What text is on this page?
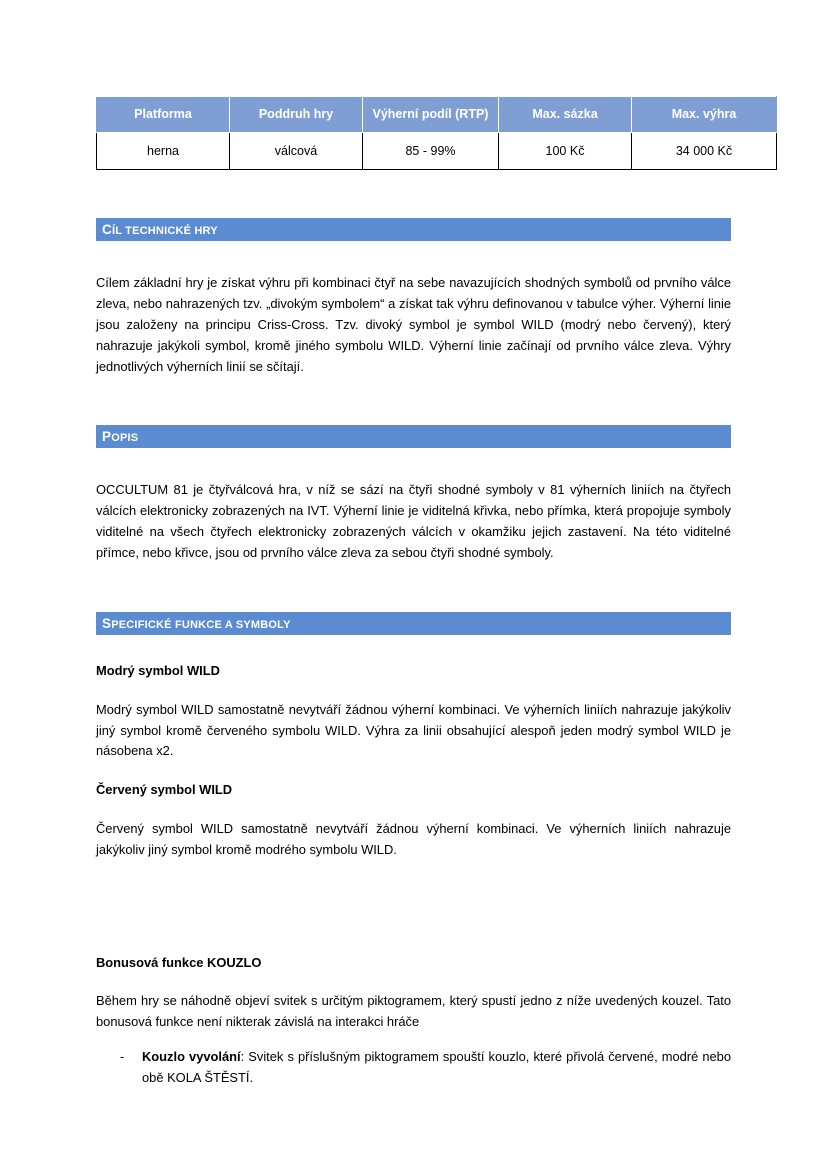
Platforma	Poddruh hry	Výherní podíl (RTP)	Max. sázka	Max. výhra
herna	válcová	85 - 99%	100 Kč	34 000 Kč
CÍL TECHNICKÉ HRY

Cílem základní hry je získat výhru při kombinaci čtyř na sebe navazujících shodných symbolů od prvního válce zleva, nebo nahrazených tzv. „divokým symbolem“ a získat tak výhru definovanou v tabulce výher. Výherní linie jsou založeny na principu Criss-Cross. Tzv. divoký symbol je symbol WILD (modrý nebo červený), který nahrazuje jakýkoli symbol, kromě jiného symbolu WILD. Výherní linie začínají od prvního válce zleva. Výhry jednotlivých výherních linií se sčítají.

POPIS

OCCULTUM 81 je čtyřválcová hra, v níž se sází na čtyři shodné symboly v 81 výherních liniích na čtyřech válcích elektronicky zobrazených na IVT. Výherní linie je viditelná křivka, nebo přímka, která propojuje symboly viditelné na všech čtyřech elektronicky zobrazených válcích v okamžiku jejich zastavení. Na této viditelné přímce, nebo křivce, jsou od prvního válce zleva za sebou čtyři shodné symboly.

SPECIFICKÉ FUNKCE A SYMBOLY
Modrý symbol WILD

Modrý symbol WILD samostatně nevytváří žádnou výherní kombinaci. Ve výherních liniích nahrazuje jakýkoliv jiný symbol kromě červeného symbolu WILD. Výhra za linii obsahující alespoň jeden modrý symbol WILD je násobena x2.

Červený symbol WILD

Červený symbol WILD samostatně nevytváří žádnou výherní kombinaci. Ve výherních liniích nahrazuje jakýkoliv jiný symbol kromě modrého symbolu WILD.

Bonusová funkce KOUZLO

Během hry se náhodně objeví svitek s určitým piktogramem, který spustí jedno z níže uvedených kouzel. Tato bonusová funkce není nikterak závislá na interakci hráče

- Kouzlo vyvolání: Svitek s příslušným piktogramem spouští kouzlo, které přivolá červené, modré nebo obě KOLA ŠTĚSTÍ.
